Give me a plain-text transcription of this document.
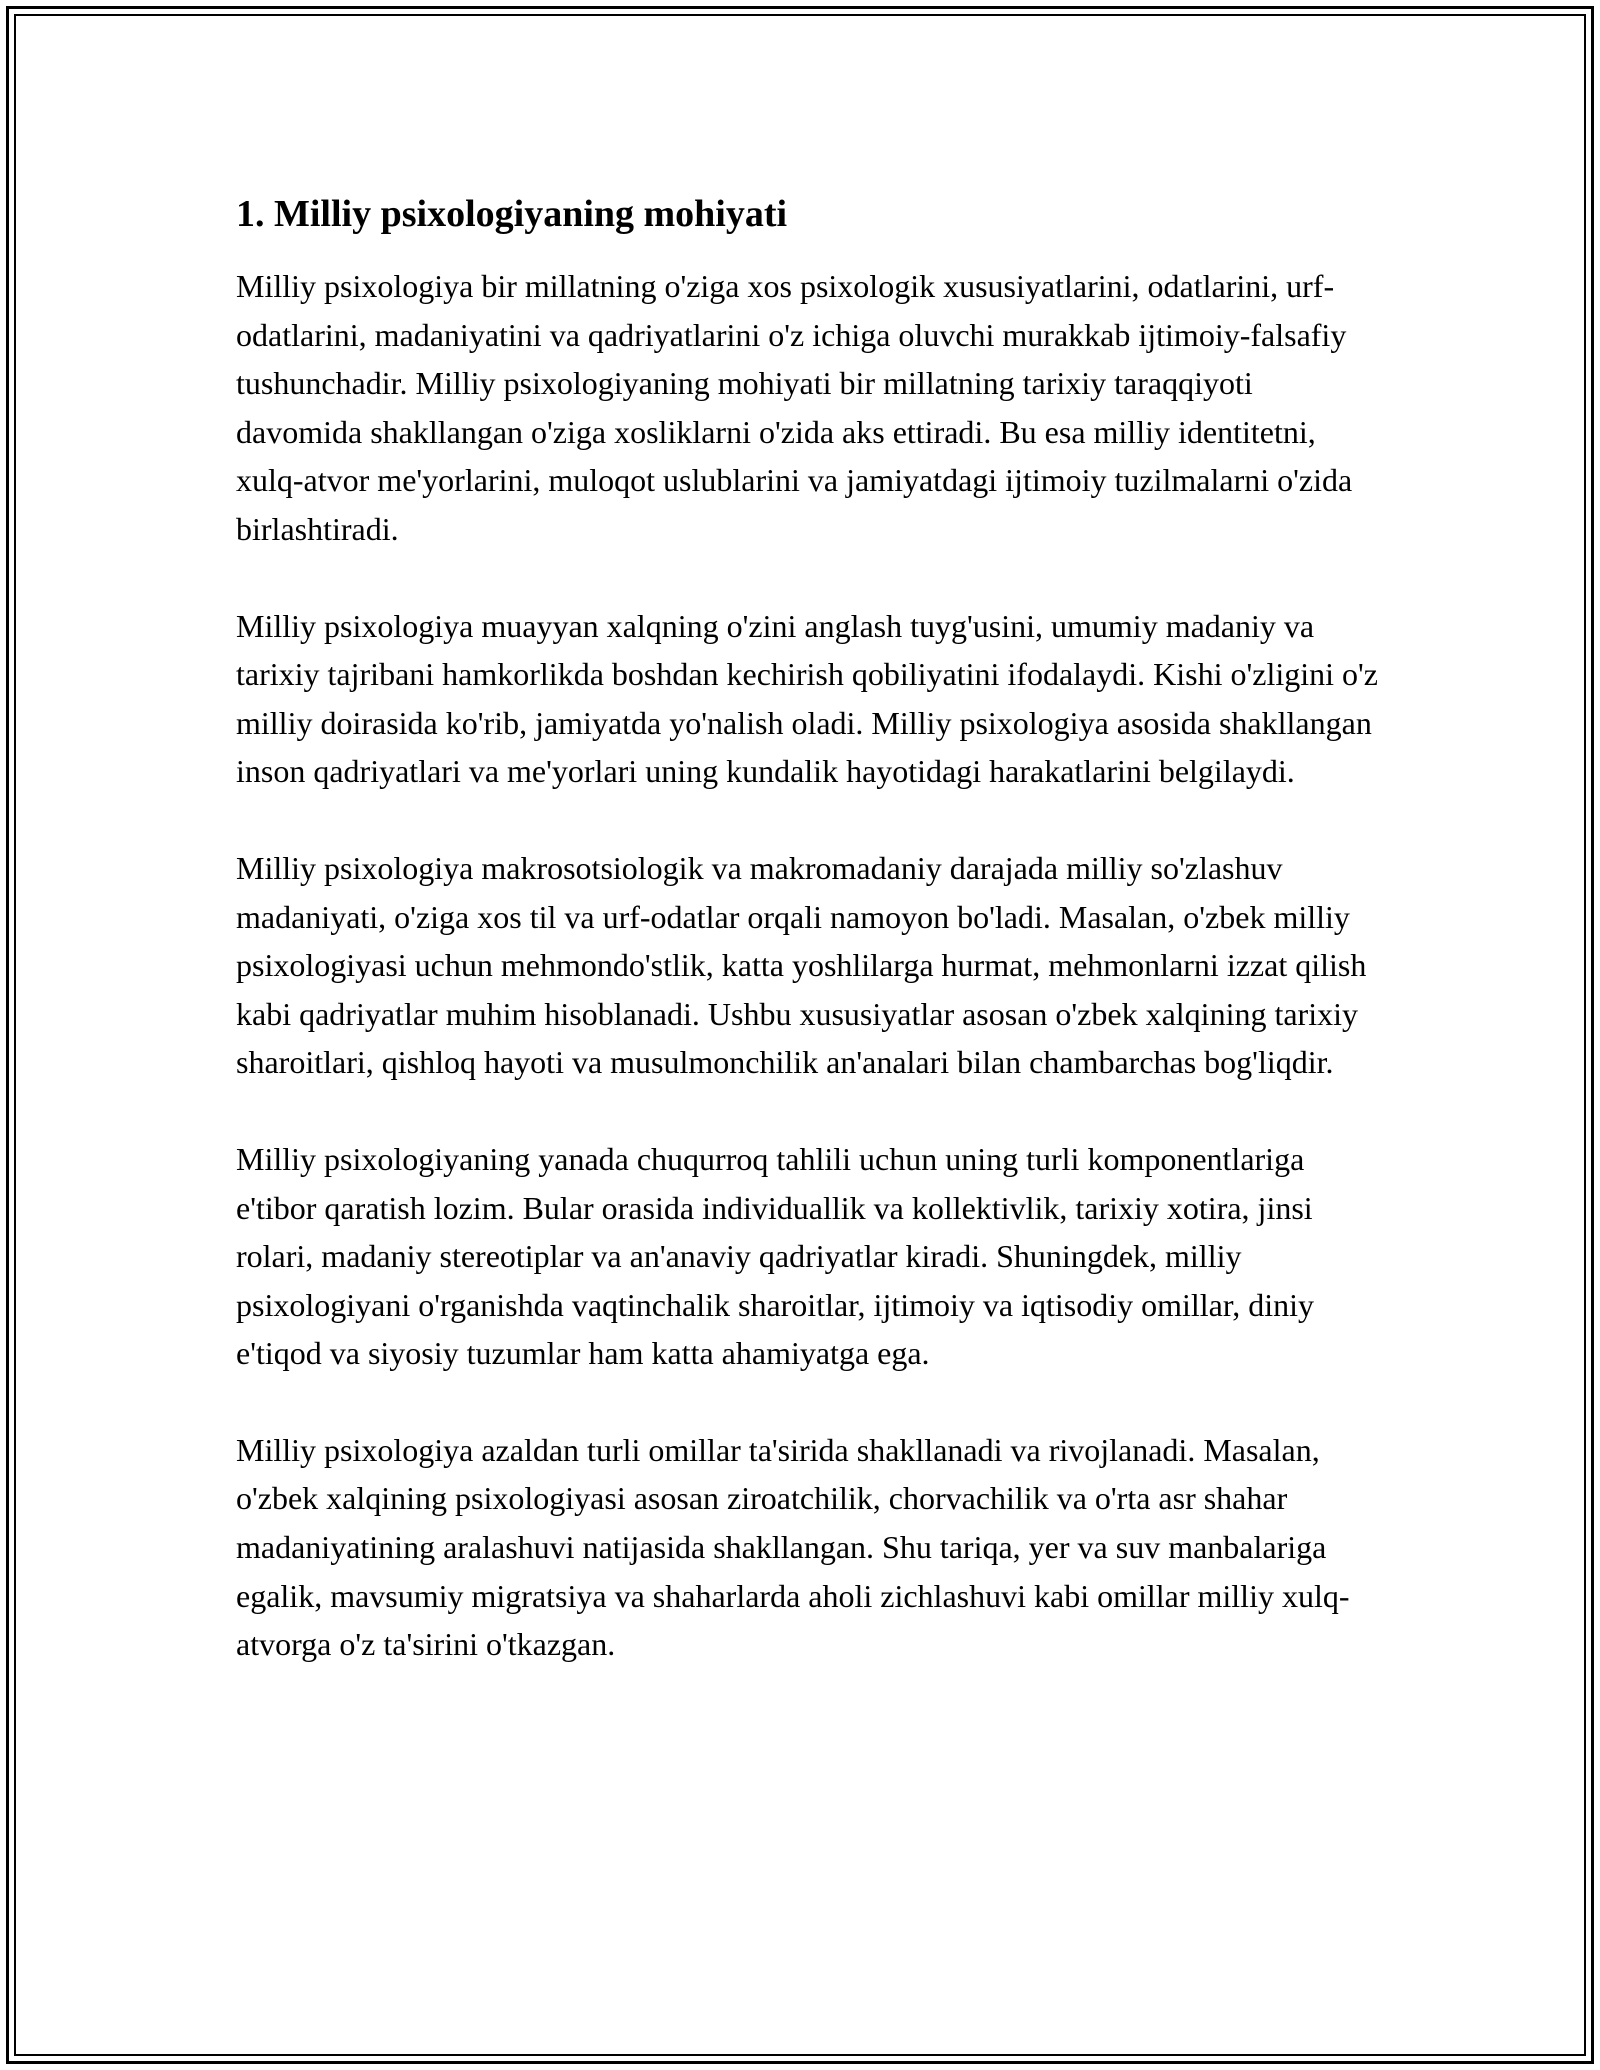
1. Milliy psixologiyaning mohiyati

Milliy psixologiya bir millatning o'ziga xos psixologik xususiyatlarini, odatlarini, urf-odatlarini, madaniyatini va qadriyatlarini o'z ichiga oluvchi murakkab ijtimoiy-falsafiy tushunchadir. Milliy psixologiyaning mohiyati bir millatning tarixiy taraqqiyoti davomida shakllangan o'ziga xosliklarni o'zida aks ettiradi. Bu esa milliy identitetni, xulq-atvor me'yorlarini, muloqot uslublarini va jamiyatdagi ijtimoiy tuzilmalarni o'zida birlashtiradi.

Milliy psixologiya muayyan xalqning o'zini anglash tuyg'usini, umumiy madaniy va tarixiy tajribani hamkorlikda boshdan kechirish qobiliyatini ifodalaydi. Kishi o'zligini o'z milliy doirasida ko'rib, jamiyatda yo'nalish oladi. Milliy psixologiya asosida shakllangan inson qadriyatlari va me'yorlari uning kundalik hayotidagi harakatlarini belgilaydi.

Milliy psixologiya makrosotsiologik va makromadaniy darajada milliy so'zlashuv madaniyati, o'ziga xos til va urf-odatlar orqali namoyon bo'ladi. Masalan, o'zbek milliy psixologiyasi uchun mehmondo'stlik, katta yoshlilarga hurmat, mehmonlarni izzat qilish kabi qadriyatlar muhim hisoblanadi. Ushbu xususiyatlar asosan o'zbek xalqining tarixiy sharoitlari, qishloq hayoti va musulmonchilik an'analari bilan chambarchas bog'liqdir.

Milliy psixologiyaning yanada chuqurroq tahlili uchun uning turli komponentlariga e'tibor qaratish lozim. Bular orasida individuallik va kollektivlik, tarixiy xotira, jinsi rolari, madaniy stereotiplar va an'anaviy qadriyatlar kiradi. Shuningdek, milliy psixologiyani o'rganishda vaqtinchalik sharoitlar, ijtimoiy va iqtisodiy omillar, diniy e'tiqod va siyosiy tuzumlar ham katta ahamiyatga ega.

Milliy psixologiya azaldan turli omillar ta'sirida shakllanadi va rivojlanadi. Masalan, o'zbek xalqining psixologiyasi asosan ziroatchilik, chorvachilik va o'rta asr shahar madaniyatining aralashuvi natijasida shakllangan. Shu tariqa, yer va suv manbalariga egalik, mavsumiy migratsiya va shaharlarda aholi zichlashuvi kabi omillar milliy xulq-atvorga o'z ta'sirini o'tkazgan.
